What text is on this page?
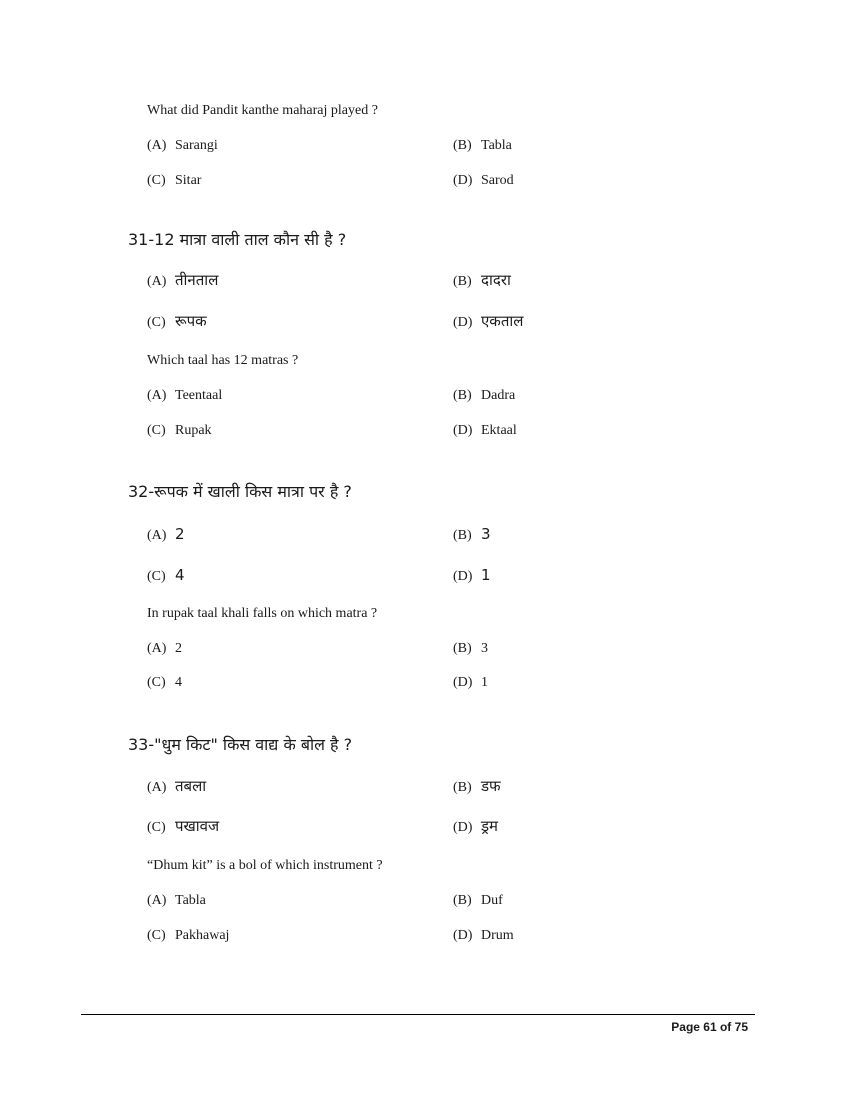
What did Pandit kanthe maharaj played ?
(A) Sarangi	(B) Tabla
(C) Sitar	(D) Sarod
31-12 मात्रा वाली ताल कौन सी है ?
(A) तीनताल	(B) दादरा
(C) रूपक	(D) एकताल
Which taal has 12 matras ?
(A) Teentaal	(B) Dadra
(C) Rupak	(D) Ektaal
32-रूपक में खाली किस मात्रा पर है ?
(A) 2	(B) 3
(C) 4	(D) 1
In rupak taal khali falls on which matra ?
(A) 2	(B) 3
(C) 4	(D) 1
33-"धुम किट" किस वाद्य के बोल है ?
(A) तबला	(B) डफ
(C) पखावज	(D) ड्रम
“Dhum kit” is a bol of which instrument ?
(A) Tabla	(B) Duf
(C) Pakhawaj	(D) Drum
Page 61 of 75
